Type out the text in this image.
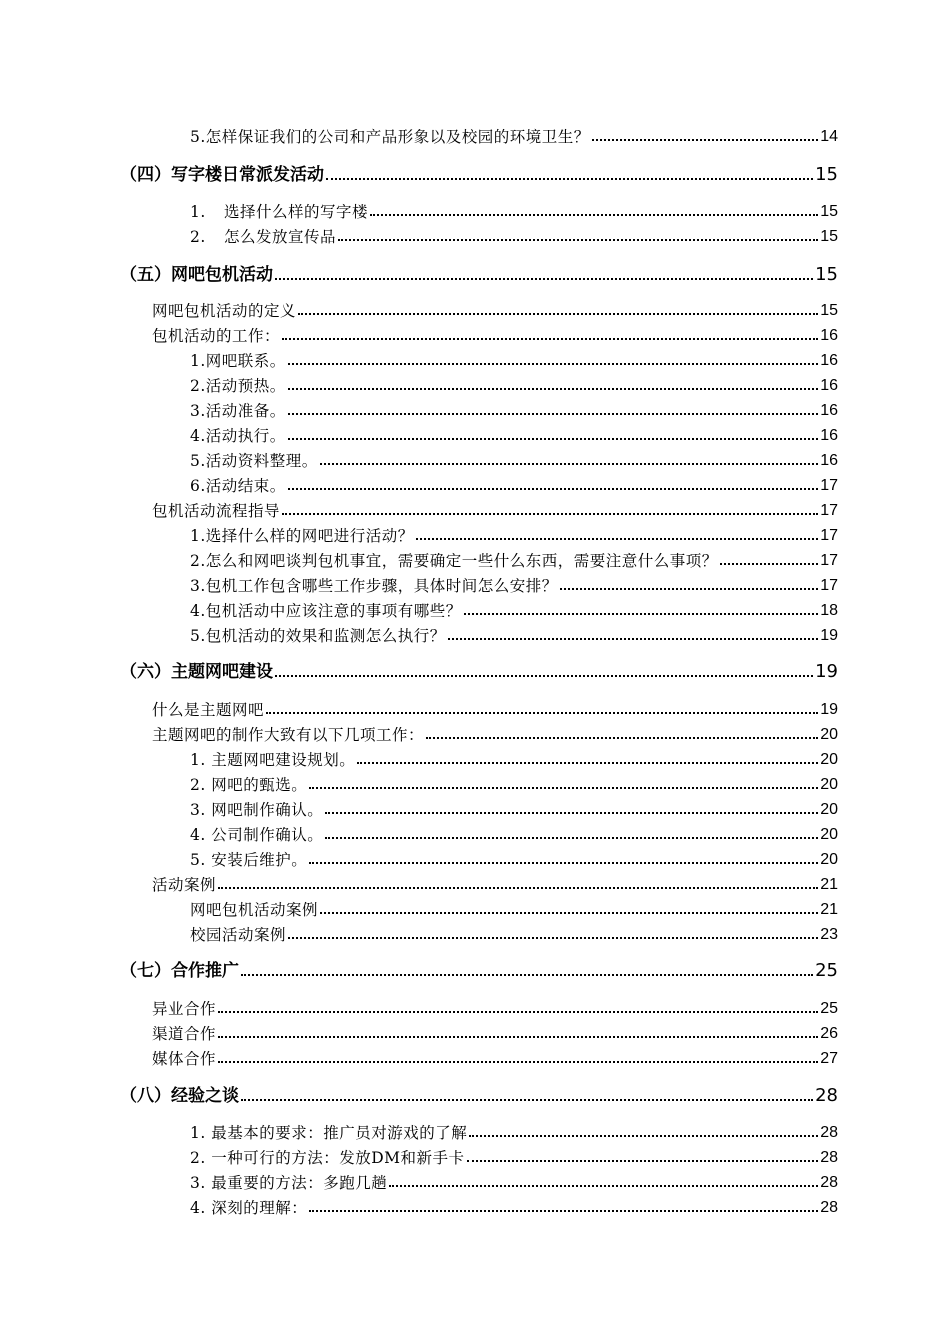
5.怎样保证我们的公司和产品形象以及校园的环境卫生？	14
（四）写字楼日常派发活动	15
1. 选择什么样的写字楼	15
2. 怎么发放宣传品	15
（五）网吧包机活动	15
网吧包机活动的定义	15
包机活动的工作：	16
1.网吧联系。	16
2.活动预热。	16
3.活动准备。	16
4.活动执行。	16
5.活动资料整理。	16
6.活动结束。	17
包机活动流程指导	17
1.选择什么样的网吧进行活动？	17
2.怎么和网吧谈判包机事宜，需要确定一些什么东西，需要注意什么事项？	17
3.包机工作包含哪些工作步骤，具体时间怎么安排？	17
4.包机活动中应该注意的事项有哪些？	18
5.包机活动的效果和监测怎么执行？	19
（六）主题网吧建设	19
什么是主题网吧	19
主题网吧的制作大致有以下几项工作：	20
1. 主题网吧建设规划。	20
2. 网吧的甄选。	20
3. 网吧制作确认。	20
4. 公司制作确认。	20
5. 安装后维护。	20
活动案例	21
网吧包机活动案例	21
校园活动案例	23
（七）合作推广	25
异业合作	25
渠道合作	26
媒体合作	27
（八）经验之谈	28
1. 最基本的要求：推广员对游戏的了解	28
2. 一种可行的方法：发放DM和新手卡	28
3. 最重要的方法：多跑几趟	28
4. 深刻的理解：	28
